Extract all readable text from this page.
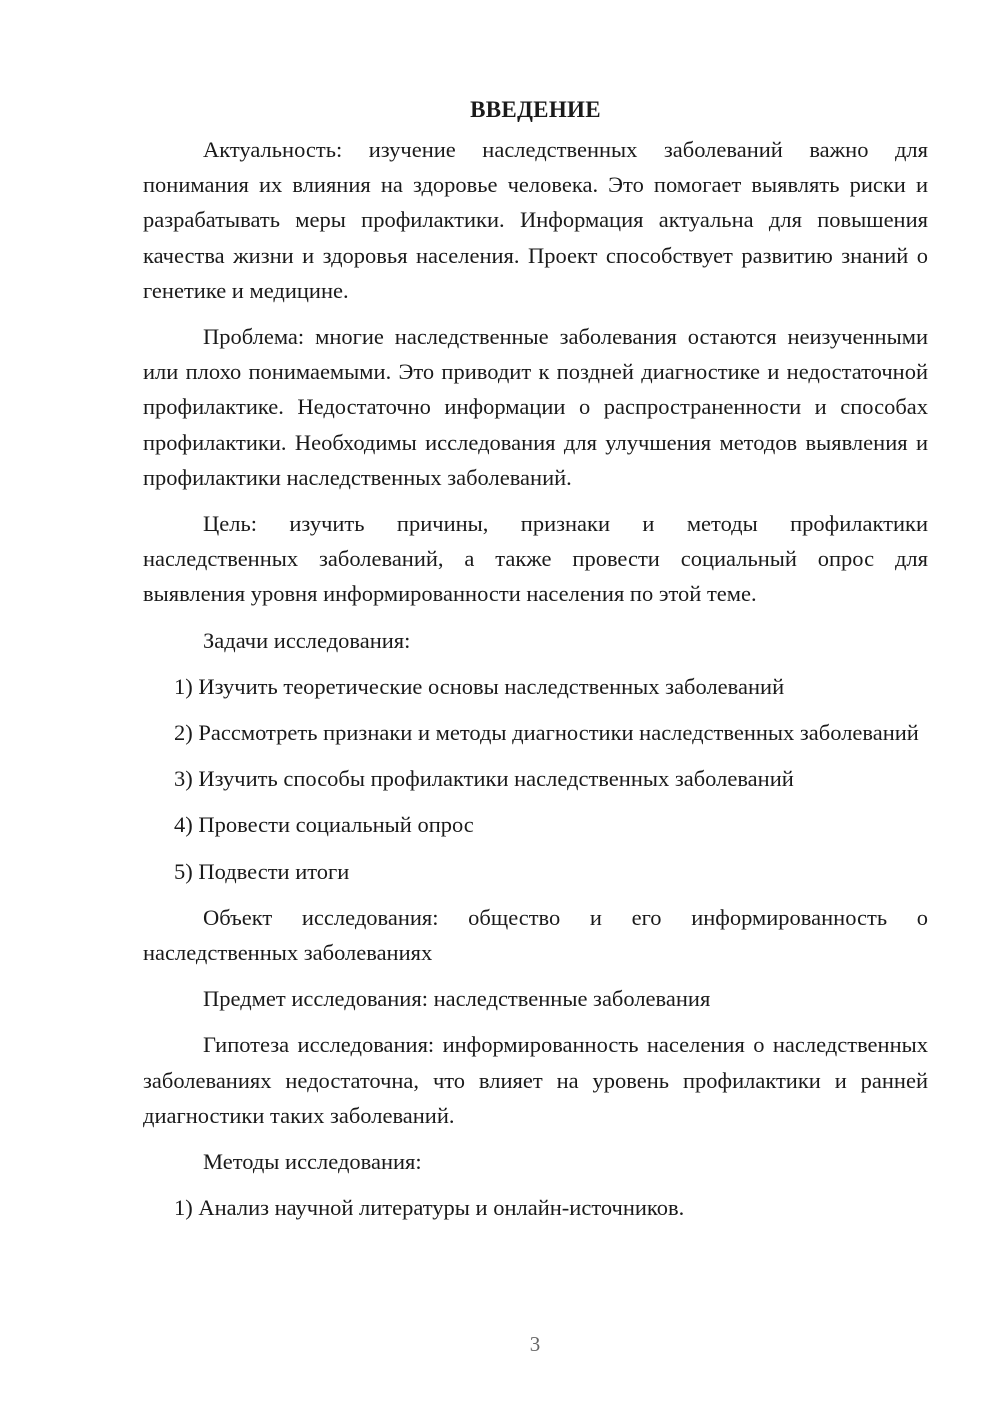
ВВЕДЕНИЕ

Актуальность: изучение наследственных заболеваний важно для понимания их влияния на здоровье человека. Это помогает выявлять риски и разрабатывать меры профилактики. Информация актуальна для повышения качества жизни и здоровья населения. Проект способствует развитию знаний о генетике и медицине.

Проблема: многие наследственные заболевания остаются неизученными или плохо понимаемыми. Это приводит к поздней диагностике и недостаточной профилактике. Недостаточно информации о распространенности и способах профилактики. Необходимы исследования для улучшения методов выявления и профилактики наследственных заболеваний.

Цель: изучить причины, признаки и методы профилактики наследственных заболеваний, а также провести социальный опрос для выявления уровня информированности населения по этой теме.

Задачи исследования:

1) Изучить теоретические основы наследственных заболеваний

2) Рассмотреть признаки и методы диагностики наследственных заболеваний

3) Изучить способы профилактики наследственных заболеваний

4) Провести социальный опрос

5) Подвести итоги

Объект исследования: общество и его информированность о наследственных заболеваниях

Предмет исследования: наследственные заболевания

Гипотеза исследования: информированность населения о наследственных заболеваниях недостаточна, что влияет на уровень профилактики и ранней диагностики таких заболеваний.

Методы исследования:

1) Анализ научной литературы и онлайн-источников.

3
